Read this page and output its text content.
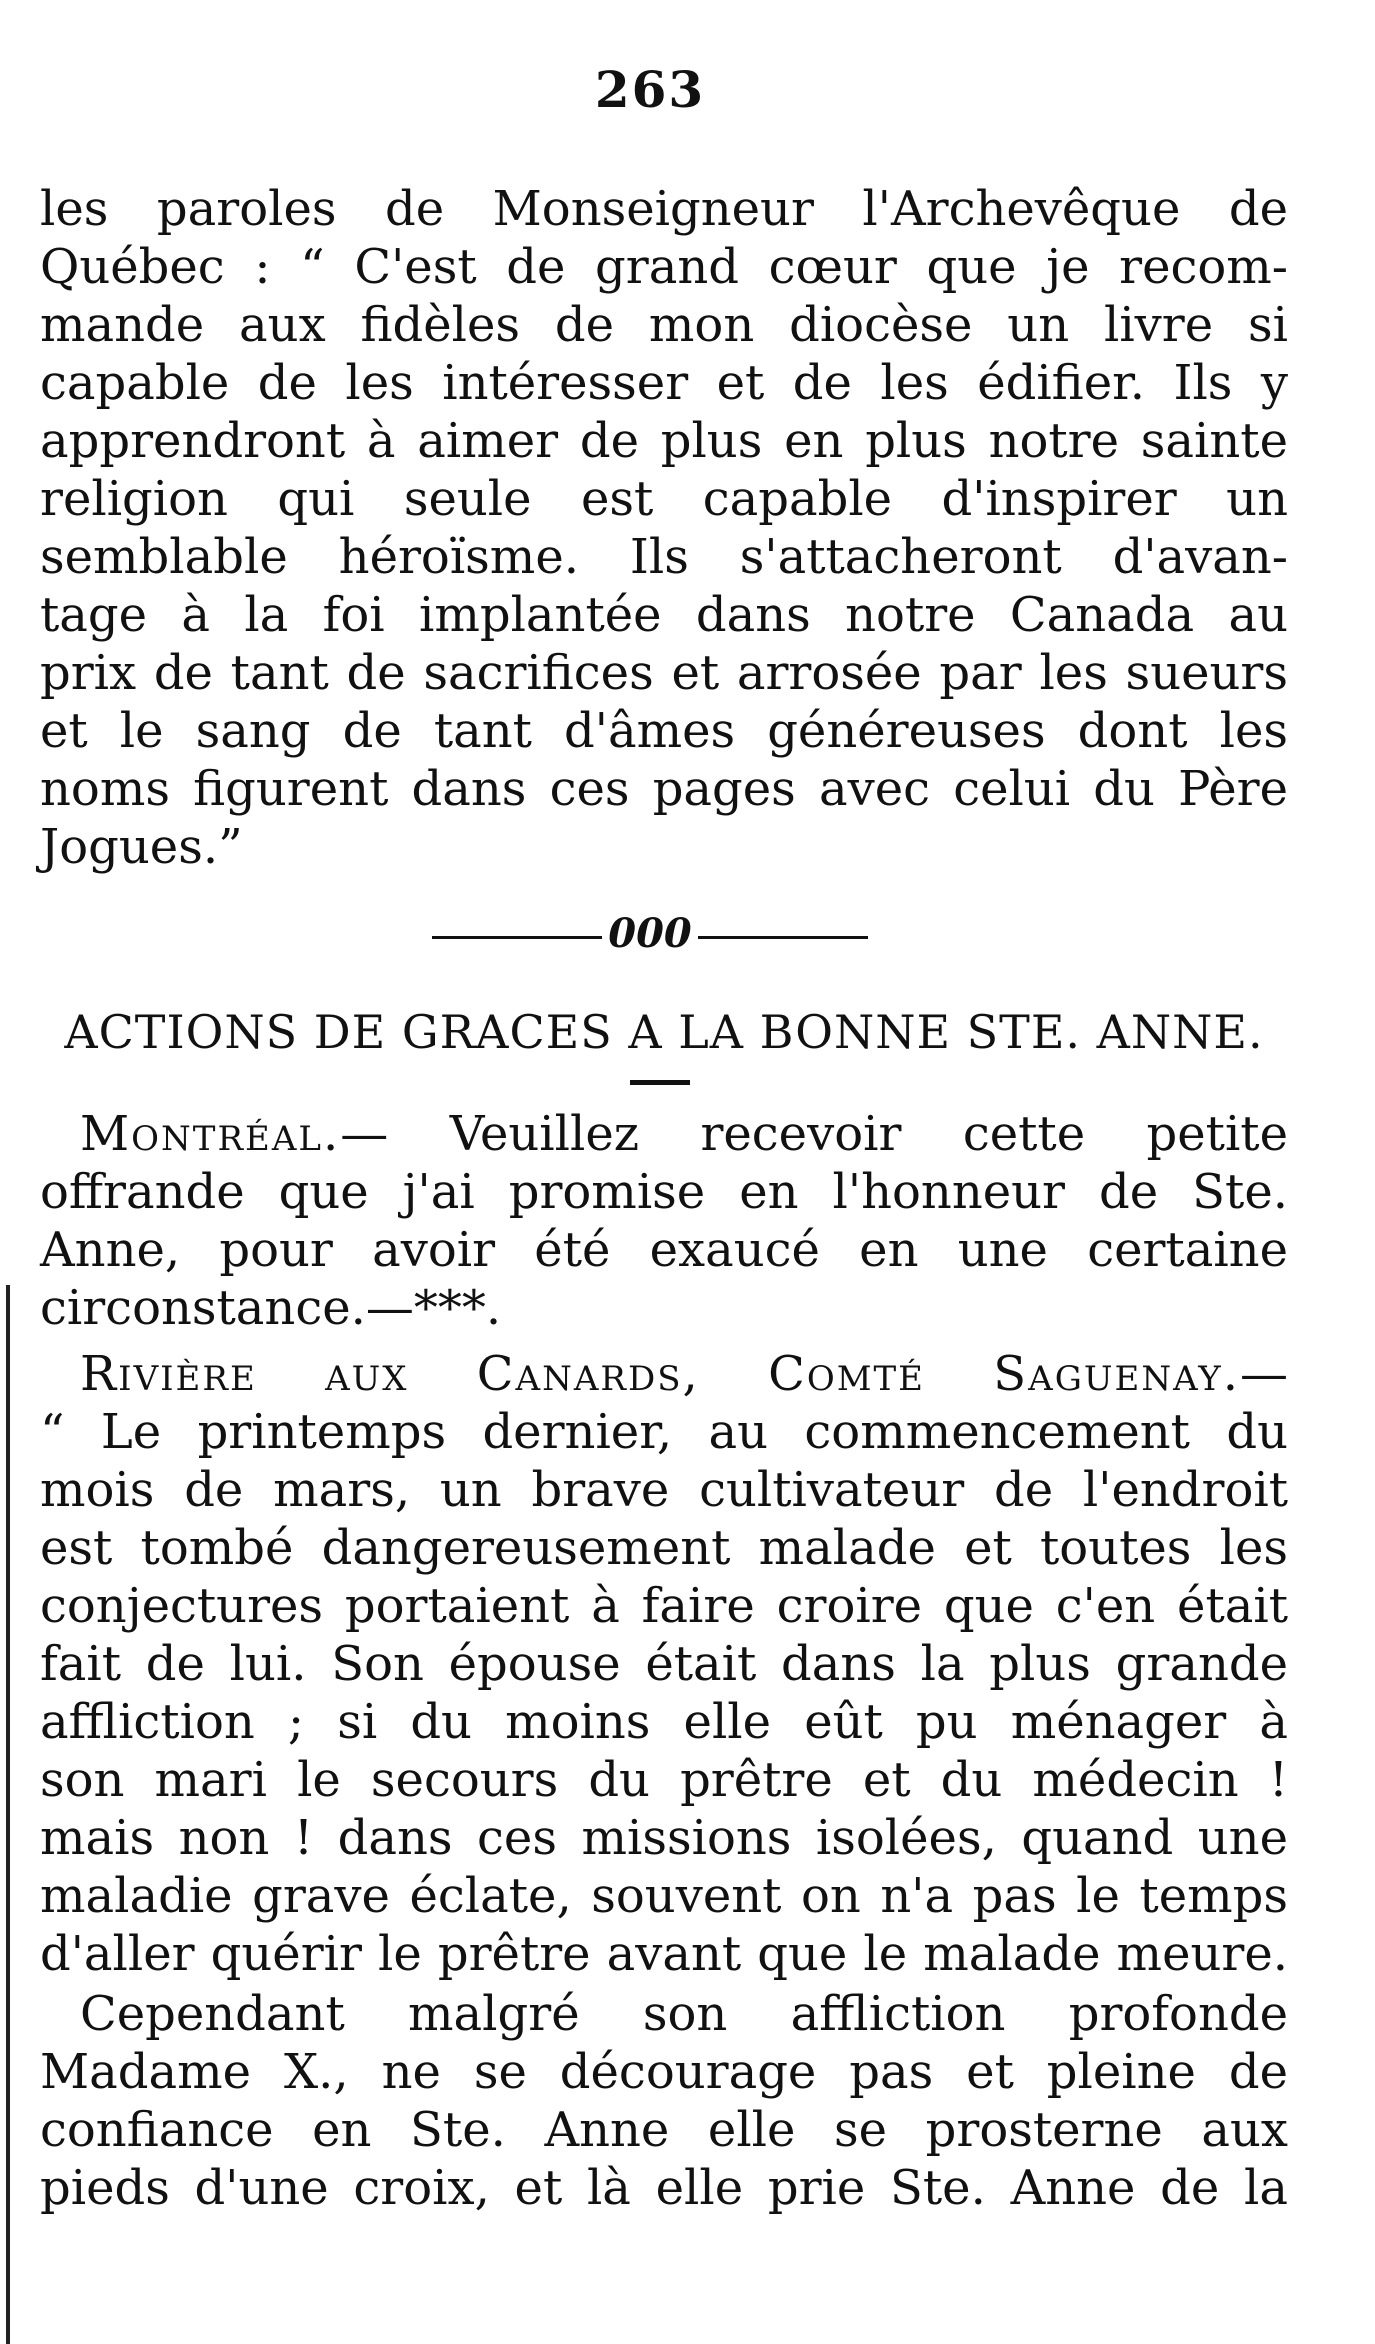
263
les paroles de Monseigneur l'Archevêque de
Québec : “ C'est de grand cœur que je recom-
mande aux fidèles de mon diocèse un livre si
capable de les intéresser et de les édifier. Ils y
apprendront à aimer de plus en plus notre sainte
religion qui seule est capable d'inspirer un
semblable héroïsme. Ils s'attacheront d'avan-
tage à la foi implantée dans notre Canada au
prix de tant de sacrifices et arrosée par les sueurs
et le sang de tant d'âmes généreuses dont les
noms figurent dans ces pages avec celui du Père
Jogues.”
000
ACTIONS DE GRACES A LA BONNE STE. ANNE.
Montréal.— Veuillez recevoir cette petite
offrande que j'ai promise en l'honneur de Ste.
Anne, pour avoir été exaucé en une certaine
circonstance.—***.
Rivière aux Canards, Comté Saguenay.—
“ Le printemps dernier, au commencement du
mois de mars, un brave cultivateur de l'endroit
est tombé dangereusement malade et toutes les
conjectures portaient à faire croire que c'en était
fait de lui. Son épouse était dans la plus grande
affliction ; si du moins elle eût pu ménager à
son mari le secours du prêtre et du médecin !
mais non ! dans ces missions isolées, quand une
maladie grave éclate, souvent on n'a pas le temps
d'aller quérir le prêtre avant que le malade meure.
Cependant malgré son affliction profonde
Madame X., ne se décourage pas et pleine de
confiance en Ste. Anne elle se prosterne aux
pieds d'une croix, et là elle prie Ste. Anne de la
